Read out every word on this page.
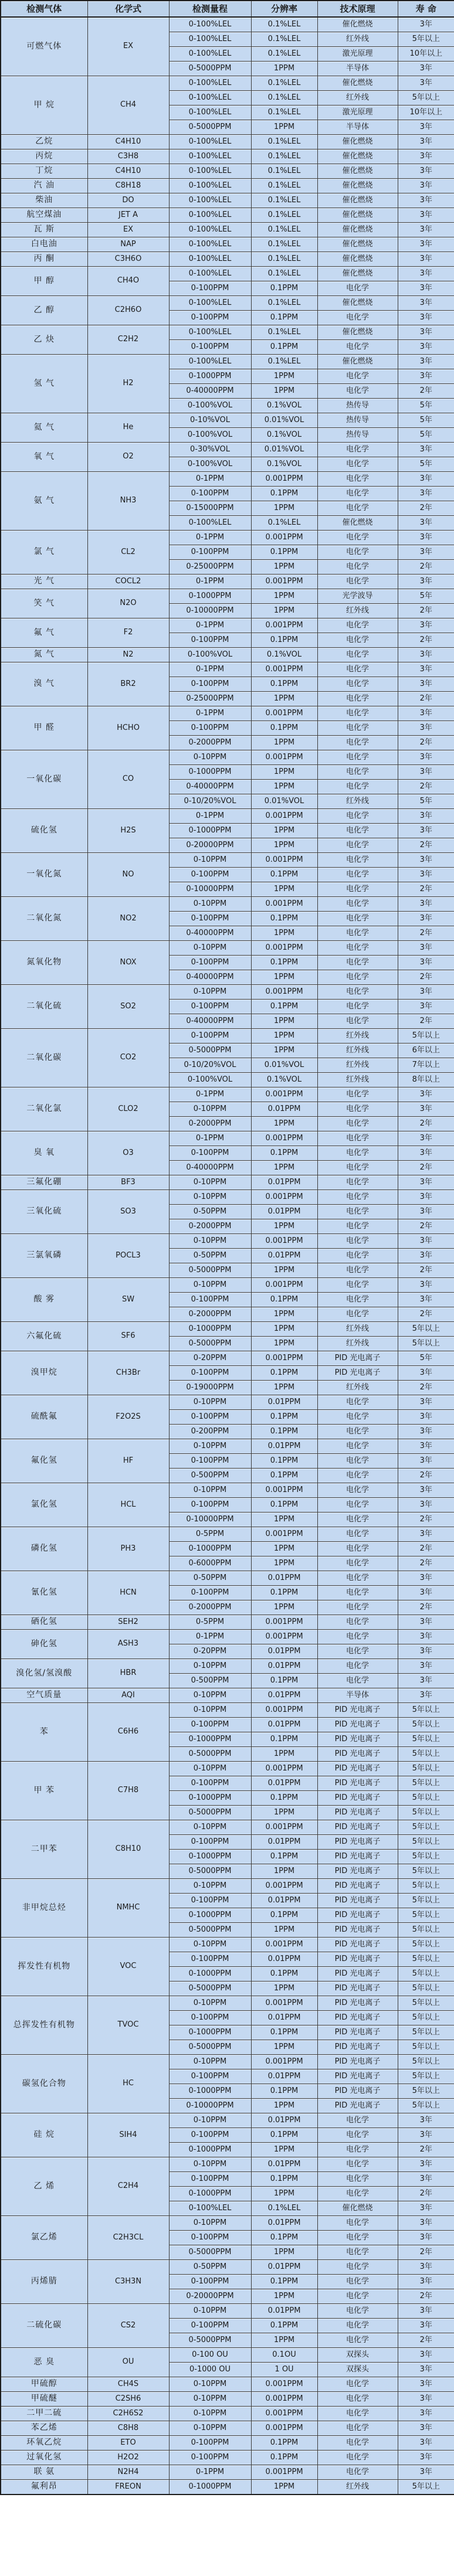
检测气体	化学式	检测量程	分辨率	技术原理	寿 命
可燃气体	EX	0-100%LEL	0.1%LEL	催化燃烧	3年
		0-100%LEL	0.1%LEL	红外线	5年以上
		0-100%LEL	0.1%LEL	激光原理	10年以上
		0-5000PPM	1PPM	半导体	3年
甲 烷	CH4	0-100%LEL	0.1%LEL	催化燃烧	3年
		0-100%LEL	0.1%LEL	红外线	5年以上
		0-100%LEL	0.1%LEL	激光原理	10年以上
		0-5000PPM	1PPM	半导体	3年
乙烷	C4H10	0-100%LEL	0.1%LEL	催化燃烧	3年
丙烷	C3H8	0-100%LEL	0.1%LEL	催化燃烧	3年
丁烷	C4H10	0-100%LEL	0.1%LEL	催化燃烧	3年
汽 油	C8H18	0-100%LEL	0.1%LEL	催化燃烧	3年
柴油	DO	0-100%LEL	0.1%LEL	催化燃烧	3年
航空煤油	JET A	0-100%LEL	0.1%LEL	催化燃烧	3年
瓦 斯	EX	0-100%LEL	0.1%LEL	催化燃烧	3年
白电油	NAP	0-100%LEL	0.1%LEL	催化燃烧	3年
丙 酮	C3H6O	0-100%LEL	0.1%LEL	催化燃烧	3年
甲 醇	CH4O	0-100%LEL	0.1%LEL	催化燃烧	3年
		0-100PPM	0.1PPM	电化学	3年
乙 醇	C2H6O	0-100%LEL	0.1%LEL	催化燃烧	3年
		0-100PPM	0.1PPM	电化学	3年
乙 炔	C2H2	0-100%LEL	0.1%LEL	催化燃烧	3年
		0-100PPM	0.1PPM	电化学	3年
氢 气	H2	0-100%LEL	0.1%LEL	催化燃烧	3年
		0-1000PPM	1PPM	电化学	3年
		0-40000PPM	1PPM	电化学	2年
		0-100%VOL	0.1%VOL	热传导	5年
氦 气	He	0-10%VOL	0.01%VOL	热传导	5年
		0-100%VOL	0.1%VOL	热传导	5年
氧 气	O2	0-30%VOL	0.01%VOL	电化学	3年
		0-100%VOL	0.1%VOL	电化学	5年
氨 气	NH3	0-1PPM	0.001PPM	电化学	3年
		0-100PPM	0.1PPM	电化学	3年
		0-15000PPM	1PPM	电化学	2年
		0-100%LEL	0.1%LEL	催化燃烧	3年
氯 气	CL2	0-1PPM	0.001PPM	电化学	3年
		0-100PPM	0.1PPM	电化学	3年
		0-25000PPM	1PPM	电化学	2年
光 气	COCL2	0-1PPM	0.001PPM	电化学	3年
笑 气	N2O	0-1000PPM	1PPM	光学波导	5年
		0-10000PPM	1PPM	红外线	2年
氟 气	F2	0-1PPM	0.001PPM	电化学	3年
		0-100PPM	0.1PPM	电化学	2年
氮 气	N2	0-100%VOL	0.1%VOL	电化学	3年
溴 气	BR2	0-1PPM	0.001PPM	电化学	3年
		0-100PPM	0.1PPM	电化学	3年
		0-25000PPM	1PPM	电化学	2年
甲 醛	HCHO	0-1PPM	0.001PPM	电化学	3年
		0-100PPM	0.1PPM	电化学	3年
		0-2000PPM	1PPM	电化学	2年
一氧化碳	CO	0-10PPM	0.001PPM	电化学	3年
		0-1000PPM	1PPM	电化学	3年
		0-40000PPM	1PPM	电化学	2年
		0-10/20%VOL	0.01%VOL	红外线	5年
硫化氢	H2S	0-1PPM	0.001PPM	电化学	3年
		0-1000PPM	1PPM	电化学	3年
		0-20000PPM	1PPM	电化学	2年
一氧化氮	NO	0-10PPM	0.001PPM	电化学	3年
		0-100PPM	0.1PPM	电化学	3年
		0-10000PPM	1PPM	电化学	2年
二氧化氮	NO2	0-10PPM	0.001PPM	电化学	3年
		0-100PPM	0.1PPM	电化学	3年
		0-40000PPM	1PPM	电化学	2年
氮氧化物	NOX	0-10PPM	0.001PPM	电化学	3年
		0-100PPM	0.1PPM	电化学	3年
		0-40000PPM	1PPM	电化学	2年
二氧化硫	SO2	0-10PPM	0.001PPM	电化学	3年
		0-100PPM	0.1PPM	电化学	3年
		0-40000PPM	1PPM	电化学	2年
二氧化碳	CO2	0-100PPM	1PPM	红外线	5年以上
		0-5000PPM	1PPM	红外线	6年以上
		0-10/20%VOL	0.01%VOL	红外线	7年以上
		0-100%VOL	0.1%VOL	红外线	8年以上
二氧化氯	CLO2	0-1PPM	0.001PPM	电化学	3年
		0-10PPM	0.01PPM	电化学	3年
		0-2000PPM	1PPM	电化学	2年
臭 氧	O3	0-1PPM	0.001PPM	电化学	3年
		0-100PPM	0.1PPM	电化学	3年
		0-40000PPM	1PPM	电化学	2年
三氟化硼	BF3	0-10PPM	0.01PPM	电化学	3年
三氧化硫	SO3	0-10PPM	0.001PPM	电化学	3年
		0-50PPM	0.01PPM	电化学	3年
		0-2000PPM	1PPM	电化学	2年
三氯氧磷	POCL3	0-10PPM	0.001PPM	电化学	3年
		0-50PPM	0.01PPM	电化学	3年
		0-5000PPM	1PPM	电化学	2年
酸 雾	SW	0-10PPM	0.001PPM	电化学	3年
		0-100PPM	0.1PPM	电化学	3年
		0-2000PPM	1PPM	电化学	2年
六氟化硫	SF6	0-1000PPM	1PPM	红外线	5年以上
		0-5000PPM	1PPM	红外线	5年以上
溴甲烷	CH3Br	0-20PPM	0.001PPM	PID 光电离子	5年
		0-100PPM	0.1PPM	PID 光电离子	3年
		0-19000PPM	1PPM	红外线	2年
硫酰氟	F2O2S	0-10PPM	0.01PPM	电化学	3年
		0-100PPM	0.1PPM	电化学	3年
		0-200PPM	0.1PPM	电化学	3年
氟化氢	HF	0-10PPM	0.01PPM	电化学	3年
		0-100PPM	0.1PPM	电化学	3年
		0-500PPM	0.1PPM	电化学	2年
氯化氢	HCL	0-10PPM	0.001PPM	电化学	3年
		0-100PPM	0.1PPM	电化学	3年
		0-10000PPM	1PPM	电化学	2年
磷化氢	PH3	0-5PPM	0.001PPM	电化学	3年
		0-1000PPM	1PPM	电化学	2年
		0-6000PPM	1PPM	电化学	2年
氰化氢	HCN	0-50PPM	0.01PPM	电化学	3年
		0-100PPM	0.1PPM	电化学	3年
		0-2000PPM	1PPM	电化学	2年
硒化氢	SEH2	0-5PPM	0.001PPM	电化学	3年
砷化氢	ASH3	0-1PPM	0.001PPM	电化学	3年
		0-20PPM	0.01PPM	电化学	3年
溴化氢/氢溴酸	HBR	0-10PPM	0.01PPM	电化学	3年
		0-500PPM	0.1PPM	电化学	3年
空气质量	AQI	0-10PPM	0.01PPM	半导体	3年
苯	C6H6	0-10PPM	0.001PPM	PID 光电离子	5年以上
		0-100PPM	0.01PPM	PID 光电离子	5年以上
		0-1000PPM	0.1PPM	PID 光电离子	5年以上
		0-5000PPM	1PPM	PID 光电离子	5年以上
甲 苯	C7H8	0-10PPM	0.001PPM	PID 光电离子	5年以上
		0-100PPM	0.01PPM	PID 光电离子	5年以上
		0-1000PPM	0.1PPM	PID 光电离子	5年以上
		0-5000PPM	1PPM	PID 光电离子	5年以上
二甲苯	C8H10	0-10PPM	0.001PPM	PID 光电离子	5年以上
		0-100PPM	0.01PPM	PID 光电离子	5年以上
		0-1000PPM	0.1PPM	PID 光电离子	5年以上
		0-5000PPM	1PPM	PID 光电离子	5年以上
非甲烷总烃	NMHC	0-10PPM	0.001PPM	PID 光电离子	5年以上
		0-100PPM	0.01PPM	PID 光电离子	5年以上
		0-1000PPM	0.1PPM	PID 光电离子	5年以上
		0-5000PPM	1PPM	PID 光电离子	5年以上
挥发性有机物	VOC	0-10PPM	0.001PPM	PID 光电离子	5年以上
		0-100PPM	0.01PPM	PID 光电离子	5年以上
		0-1000PPM	0.1PPM	PID 光电离子	5年以上
		0-5000PPM	1PPM	PID 光电离子	5年以上
总挥发性有机物	TVOC	0-10PPM	0.001PPM	PID 光电离子	5年以上
		0-100PPM	0.01PPM	PID 光电离子	5年以上
		0-1000PPM	0.1PPM	PID 光电离子	5年以上
		0-5000PPM	1PPM	PID 光电离子	5年以上
碳氢化合物	HC	0-10PPM	0.001PPM	PID 光电离子	5年以上
		0-100PPM	0.01PPM	PID 光电离子	5年以上
		0-1000PPM	0.1PPM	PID 光电离子	5年以上
		0-10000PPM	1PPM	PID 光电离子	5年以上
硅 烷	SIH4	0-10PPM	0.01PPM	电化学	3年
		0-100PPM	0.1PPM	电化学	3年
		0-1000PPM	1PPM	电化学	2年
乙 烯	C2H4	0-10PPM	0.01PPM	电化学	3年
		0-100PPM	0.1PPM	电化学	3年
		0-1000PPM	1PPM	电化学	2年
		0-100%LEL	0.1%LEL	催化燃烧	3年
氯乙烯	C2H3CL	0-10PPM	0.01PPM	电化学	3年
		0-100PPM	0.1PPM	电化学	3年
		0-5000PPM	1PPM	电化学	2年
丙烯腈	C3H3N	0-50PPM	0.01PPM	电化学	3年
		0-100PPM	0.1PPM	电化学	3年
		0-20000PPM	1PPM	电化学	2年
二硫化碳	CS2	0-10PPM	0.01PPM	电化学	3年
		0-100PPM	0.1PPM	电化学	3年
		0-5000PPM	1PPM	电化学	2年
恶 臭	OU	0-100 OU	0.1OU	双探头	3年
		0-1000 OU	1 OU	双探头	3年
甲硫醇	CH4S	0-10PPM	0.001PPM	电化学	3年
甲硫醚	C2SH6	0-10PPM	0.001PPM	电化学	3年
二甲二硫	C2H6S2	0-10PPM	0.001PPM	电化学	3年
苯乙烯	C8H8	0-10PPM	0.001PPM	电化学	3年
环氧乙烷	ETO	0-100PPM	0.1PPM	电化学	3年
过氧化氢	H2O2	0-100PPM	0.1PPM	电化学	3年
联 氨	N2H4	0-1PPM	0.001PPM	电化学	3年
氟利昂	FREON	0-1000PPM	1PPM	红外线	5年以上
